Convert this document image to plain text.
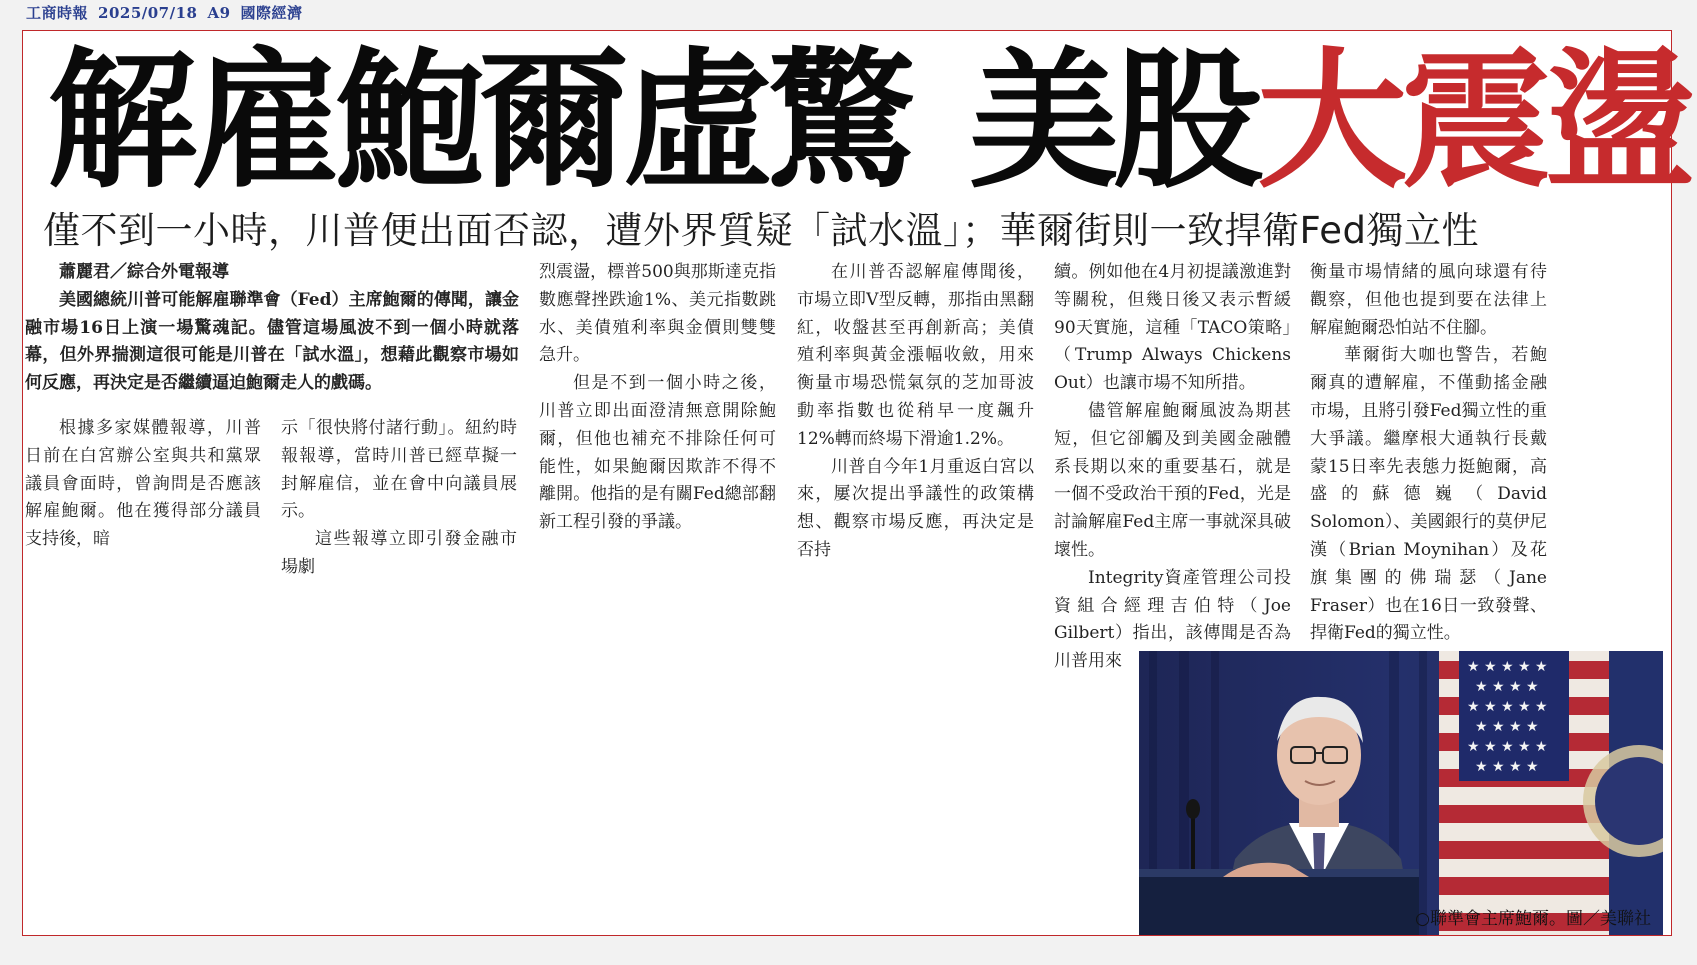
工商時報 2025/07/18 A9 國際經濟
解雇鮑爾虛驚 美股大震盪
僅不到一小時，川普便出面否認，遭外界質疑「試水溫」；華爾街則一致捍衛Fed獨立性

蕭麗君／綜合外電報導

美國總統川普可能解雇聯準會（Fed）主席鮑爾的傳聞，讓金融市場16日上演一場驚魂記。儘管這場風波不到一個小時就落幕，但外界揣測這很可能是川普在「試水溫」，想藉此觀察市場如何反應，再決定是否繼續逼迫鮑爾走人的戲碼。

根據多家媒體報導，川普日前在白宮辦公室與共和黨眾議員會面時，曾詢問是否應該解雇鮑爾。他在獲得部分議員支持後，暗

示「很快將付諸行動」。紐約時報報導，當時川普已經草擬一封解雇信，並在會中向議員展示。

這些報導立即引發金融市場劇

烈震盪，標普500與那斯達克指數應聲挫跌逾1%、美元指數跳水、美債殖利率與金價則雙雙急升。

但是不到一個小時之後，川普立即出面澄清無意開除鮑爾，但他也補充不排除任何可能性，如果鮑爾因欺詐不得不離開。他指的是有關Fed總部翻新工程引發的爭議。

在川普否認解雇傳聞後，市場立即V型反轉，那指由黑翻紅，收盤甚至再創新高；美債殖利率與黃金漲幅收斂，用來衡量市場恐慌氣氛的芝加哥波動率指數也從稍早一度飆升12%轉而終場下滑逾1.2%。

川普自今年1月重返白宮以來，屢次提出爭議性的政策構想、觀察市場反應，再決定是否持

續。例如他在4月初提議激進對等關稅，但幾日後又表示暫緩90天實施，這種「TACO策略」（Trump Always Chickens Out）也讓市場不知所措。

儘管解雇鮑爾風波為期甚短，但它卻觸及到美國金融體系長期以來的重要基石，就是一個不受政治干預的Fed，光是討論解雇Fed主席一事就深具破壞性。

Integrity資產管理公司投資組合經理吉伯特（Joe Gilbert）指出，該傳聞是否為川普用來

衡量市場情緒的風向球還有待觀察，但他也提到要在法律上解雇鮑爾恐怕站不住腳。

華爾街大咖也警告，若鮑爾真的遭解雇，不僅動搖金融市場，且將引發Fed獨立性的重大爭議。繼摩根大通執行長戴蒙15日率先表態力挺鮑爾，高盛的蘇德巍（David Solomon）、美國銀行的莫伊尼漢（Brian Moynihan）及花旗集團的佛瑞瑟（Jane Fraser）也在16日一致發聲、捍衛Fed的獨立性。

★ ★ ★ ★ ★
★ ★ ★ ★
★ ★ ★ ★ ★
★ ★ ★ ★
★ ★ ★ ★ ★
★ ★ ★ ★
○聯準會主席鮑爾。圖／美聯社
